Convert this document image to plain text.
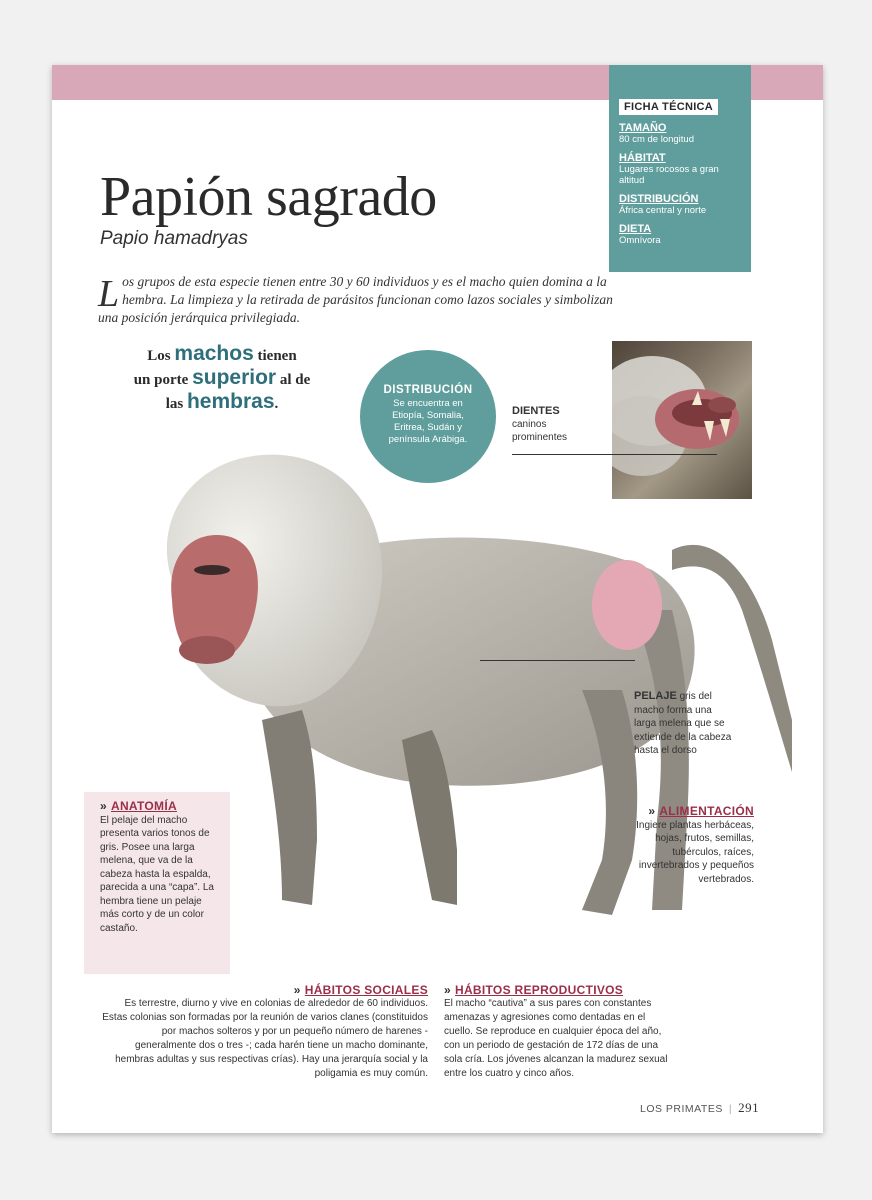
FICHA TÉCNICA
TAMAÑO
80 cm de longitud
HÁBITAT
Lugares rocosos a gran altitud
DISTRIBUCIÓN
África central y norte
DIETA
Omnívora
Papión sagrado
Papio hamadryas
Los grupos de esta especie tienen entre 30 y 60 individuos y es el macho quien domina a la hembra. La limpieza y la retirada de parásitos funcionan como lazos sociales y simbolizan una posición jerárquica privilegiada.
Los machos tienen
un porte superior al de
las hembras.
DISTRIBUCIÓN
Se encuentra en Etiopía, Somalia, Eritrea, Sudán y península Arábiga.
DIENTES
caninos
prominentes
PELAJE gris del macho forma una larga melena que se extiende de la cabeza hasta el dorso
» ANATOMÍA
El pelaje del macho presenta varios tonos de gris. Posee una larga melena, que va de la cabeza hasta la espalda, parecida a una “capa”. La hembra tiene un pelaje más corto y de un color castaño.
» ALIMENTACIÓN
Ingiere plantas herbáceas, hojas, frutos, semillas, tubérculos, raíces, invertebrados y pequeños vertebrados.
» HÁBITOS SOCIALES
Es terrestre, diurno y vive en colonias de alrededor de 60 individuos. Estas colonias son formadas por la reunión de varios clanes (constituidos por machos solteros y por un pequeño número de harenes - generalmente dos o tres -; cada harén tiene un macho dominante, hembras adultas y sus respectivas crías). Hay una jerarquía social y la poligamia es muy común.
» HÁBITOS REPRODUCTIVOS
El macho “cautiva” a sus pares con constantes amenazas y agresiones como dentadas en el cuello. Se reproduce en cualquier época del año, con un periodo de gestación de 172 días de una sola cría. Los jóvenes alcanzan la madurez sexual entre los cuatro y cinco años.
LOS PRIMATES | 291
